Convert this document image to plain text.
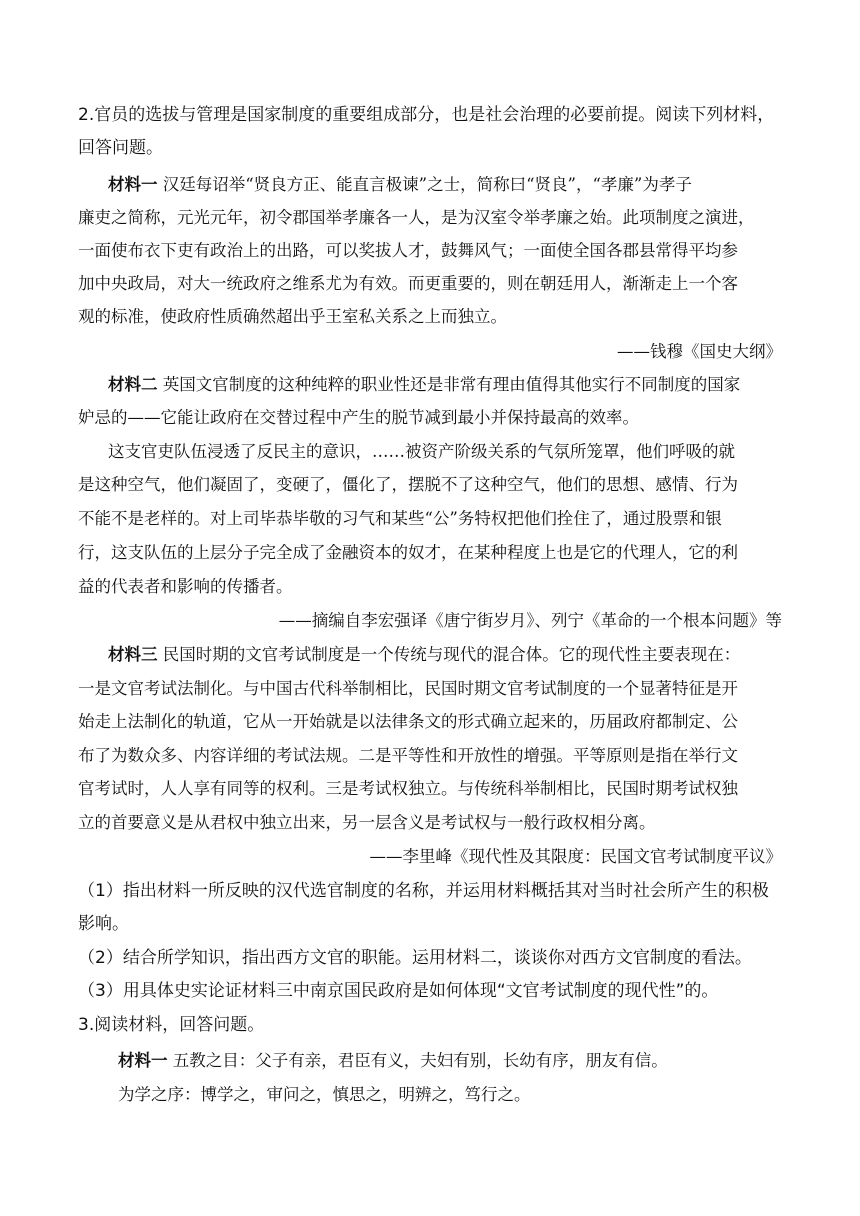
2.官员的选拔与管理是国家制度的重要组成部分，也是社会治理的必要前提。阅读下列材料，
回答问题。
材料一 汉廷每诏举“贤良方正、能直言极谏”之士，简称曰“贤良”，“孝廉”为孝子
廉吏之简称，元光元年，初令郡国举孝廉各一人，是为汉室令举孝廉之始。此项制度之演进，
一面使布衣下吏有政治上的出路，可以奖拔人才，鼓舞风气；一面使全国各郡县常得平均参
加中央政局，对大一统政府之维系尤为有效。而更重要的，则在朝廷用人，渐渐走上一个客
观的标准，使政府性质确然超出乎王室私关系之上而独立。
——钱穆《国史大纲》
材料二 英国文官制度的这种纯粹的职业性还是非常有理由值得其他实行不同制度的国家
妒忌的——它能让政府在交替过程中产生的脱节减到最小并保持最高的效率。
这支官吏队伍浸透了反民主的意识，……被资产阶级关系的气氛所笼罩，他们呼吸的就
是这种空气，他们凝固了，变硬了，僵化了，摆脱不了这种空气，他们的思想、感情、行为
不能不是老样的。对上司毕恭毕敬的习气和某些“公”务特权把他们拴住了，通过股票和银
行，这支队伍的上层分子完全成了金融资本的奴才，在某种程度上也是它的代理人，它的利
益的代表者和影响的传播者。
——摘编自李宏强译《唐宁街岁月》、列宁《革命的一个根本问题》等
材料三 民国时期的文官考试制度是一个传统与现代的混合体。它的现代性主要表现在：
一是文官考试法制化。与中国古代科举制相比，民国时期文官考试制度的一个显著特征是开
始走上法制化的轨道，它从一开始就是以法律条文的形式确立起来的，历届政府都制定、公
布了为数众多、内容详细的考试法规。二是平等性和开放性的增强。平等原则是指在举行文
官考试时，人人享有同等的权利。三是考试权独立。与传统科举制相比，民国时期考试权独
立的首要意义是从君权中独立出来，另一层含义是考试权与一般行政权相分离。
——李里峰《现代性及其限度：民国文官考试制度平议》
（1）指出材料一所反映的汉代选官制度的名称，并运用材料概括其对当时社会所产生的积极
影响。
（2）结合所学知识，指出西方文官的职能。运用材料二，谈谈你对西方文官制度的看法。
（3）用具体史实论证材料三中南京国民政府是如何体现“文官考试制度的现代性”的。
3.阅读材料，回答问题。
材料一 五教之目：父子有亲，君臣有义，夫妇有别，长幼有序，朋友有信。
为学之序：博学之，审问之，慎思之，明辨之，笃行之。
